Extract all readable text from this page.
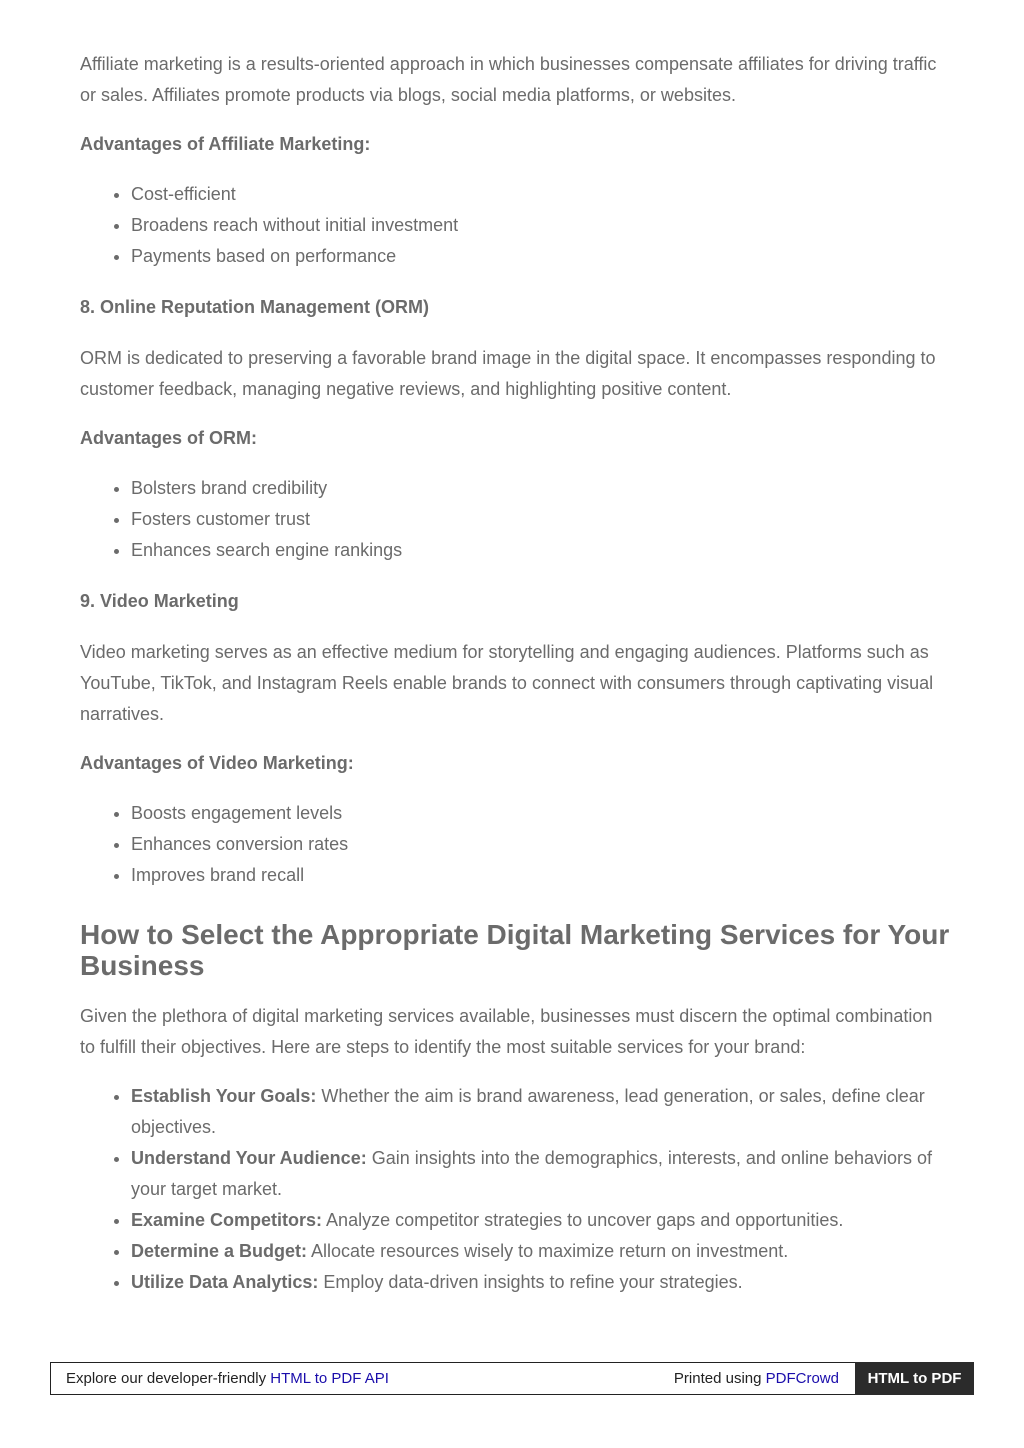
Affiliate marketing is a results-oriented approach in which businesses compensate affiliates for driving traffic or sales. Affiliates promote products via blogs, social media platforms, or websites.

Advantages of Affiliate Marketing:

• Cost-efficient
• Broadens reach without initial investment
• Payments based on performance

8. Online Reputation Management (ORM)

ORM is dedicated to preserving a favorable brand image in the digital space. It encompasses responding to customer feedback, managing negative reviews, and highlighting positive content.

Advantages of ORM:

• Bolsters brand credibility
• Fosters customer trust
• Enhances search engine rankings

9. Video Marketing

Video marketing serves as an effective medium for storytelling and engaging audiences. Platforms such as YouTube, TikTok, and Instagram Reels enable brands to connect with consumers through captivating visual narratives.

Advantages of Video Marketing:

• Boosts engagement levels
• Enhances conversion rates
• Improves brand recall

How to Select the Appropriate Digital Marketing Services for Your Business

Given the plethora of digital marketing services available, businesses must discern the optimal combination to fulfill their objectives. Here are steps to identify the most suitable services for your brand:

• Establish Your Goals: Whether the aim is brand awareness, lead generation, or sales, define clear objectives.
• Understand Your Audience: Gain insights into the demographics, interests, and online behaviors of your target market.
• Examine Competitors: Analyze competitor strategies to uncover gaps and opportunities.
• Determine a Budget: Allocate resources wisely to maximize return on investment.
• Utilize Data Analytics: Employ data-driven insights to refine your strategies.
Explore our developer-friendly HTML to PDF API	Printed using PDFCrowd	HTML to PDF
